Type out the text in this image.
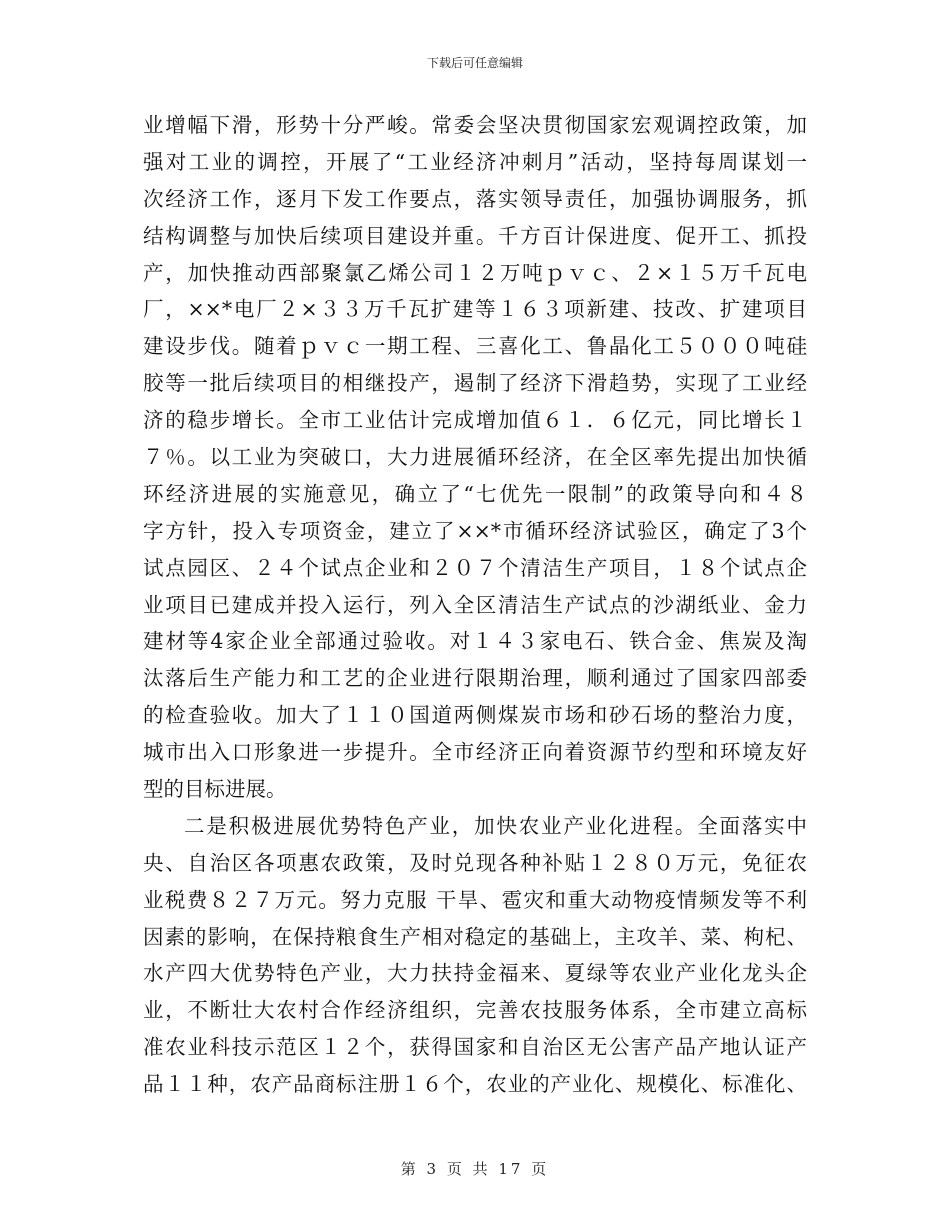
下载后可任意编辑
业增幅下滑，形势十分严峻。常委会坚决贯彻国家宏观调控政策，加
强对工业的调控，开展了“工业经济冲刺月”活动，坚持每周谋划一
次经济工作，逐月下发工作要点，落实领导责任，加强协调服务，抓
结构调整与加快后续项目建设并重。千方百计保进度、促开工、抓投
产，加快推动西部聚氯乙烯公司１２万吨ｐｖｃ、２×１５万千瓦电
厂，××*电厂２×３３万千瓦扩建等１６３项新建、技改、扩建项目
建设步伐。随着ｐｖｃ一期工程、三喜化工、鲁晶化工５０００吨硅
胶等一批后续项目的相继投产，遏制了经济下滑趋势，实现了工业经
济的稳步增长。全市工业估计完成增加值６１．６亿元，同比增长１
７％。以工业为突破口，大力进展循环经济，在全区率先提出加快循
环经济进展的实施意见，确立了“七优先一限制”的政策导向和４８
字方针，投入专项资金，建立了××*市循环经济试验区，确定了3个
试点园区、２４个试点企业和２０７个清洁生产项目，１８个试点企
业项目已建成并投入运行，列入全区清洁生产试点的沙湖纸业、金力
建材等4家企业全部通过验收。对１４３家电石、铁合金、焦炭及淘
汰落后生产能力和工艺的企业进行限期治理，顺利通过了国家四部委
的检查验收。加大了１１０国道两侧煤炭市场和砂石场的整治力度，
城市出入口形象进一步提升。全市经济正向着资源节约型和环境友好
型的目标进展。
二是积极进展优势特色产业，加快农业产业化进程。全面落实中
央、自治区各项惠农政策，及时兑现各种补贴１２８０万元，免征农
业税费８２７万元。努力克服 干旱、雹灾和重大动物疫情频发等不利
因素的影响，在保持粮食生产相对稳定的基础上，主攻羊、菜、枸杞、
水产四大优势特色产业，大力扶持金福来、夏绿等农业产业化龙头企
业，不断壮大农村合作经济组织，完善农技服务体系，全市建立高标
准农业科技示范区１２个，获得国家和自治区无公害产品产地认证产
品１１种，农产品商标注册１６个，农业的产业化、规模化、标准化、
第 3 页 共 17 页
